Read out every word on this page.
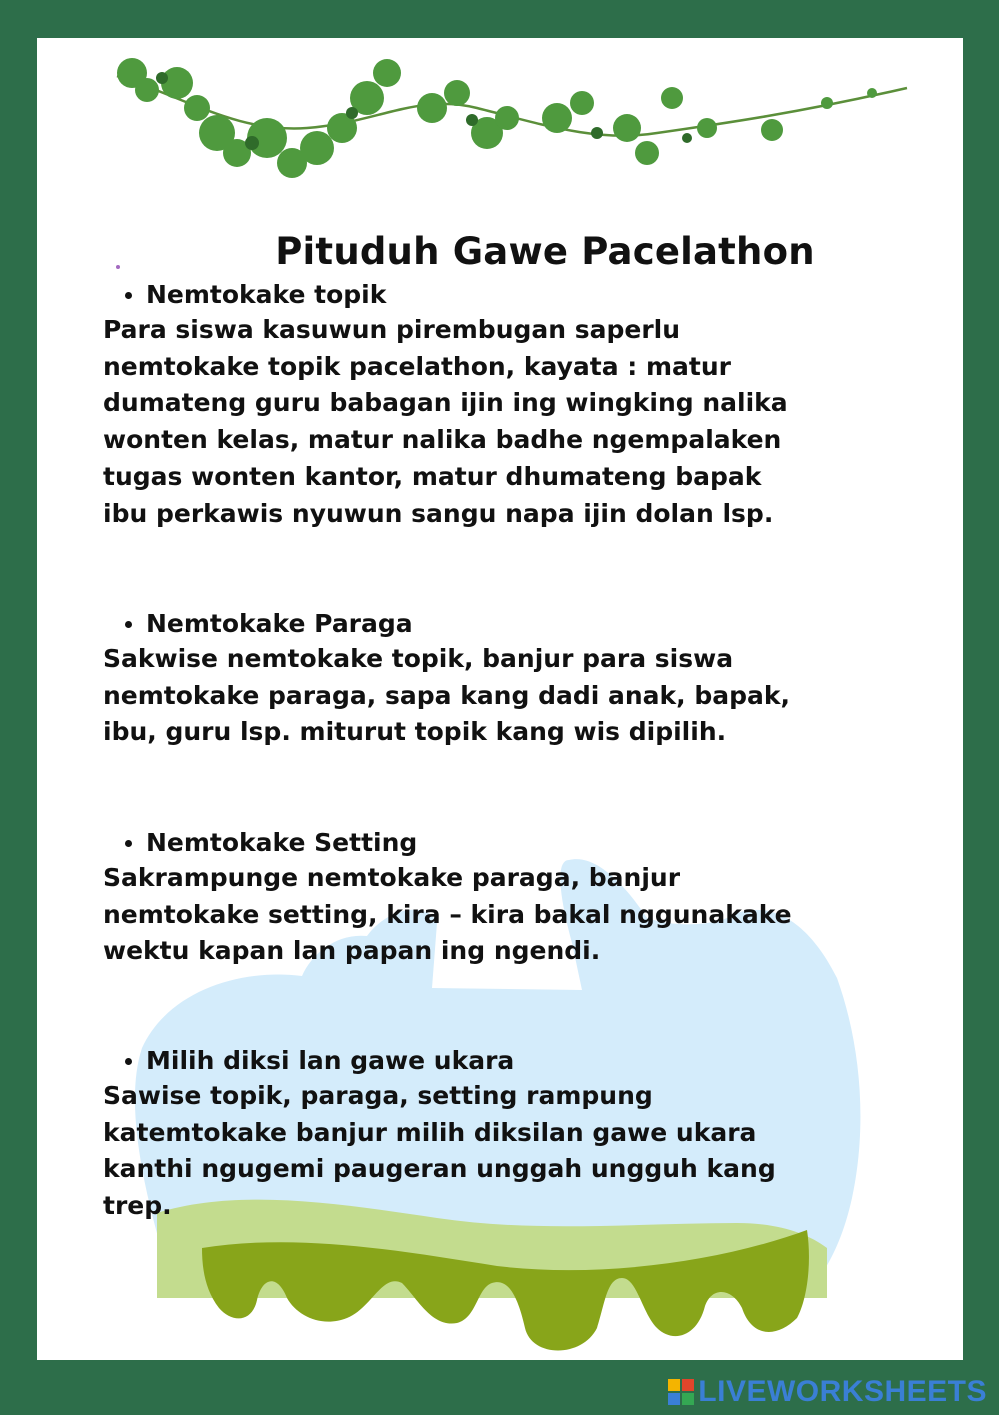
Pituduh Gawe Pacelathon
Nemtokake topik

Para siswa kasuwun pirembugan saperlu nemtokake topik pacelathon, kayata : matur dumateng guru babagan ijin ing wingking nalika wonten kelas, matur nalika badhe ngempalaken tugas wonten kantor, matur dhumateng bapak ibu perkawis nyuwun sangu napa ijin dolan lsp.

Nemtokake Paraga

Sakwise nemtokake topik, banjur para siswa nemtokake paraga, sapa kang dadi anak, bapak, ibu, guru lsp. miturut topik kang wis dipilih.

Nemtokake Setting

Sakrampunge nemtokake paraga, banjur nemtokake setting, kira – kira bakal nggunakake wektu kapan lan papan ing ngendi.

Milih diksi lan gawe ukara

Sawise topik, paraga, setting rampung katemtokake banjur milih diksilan gawe ukara kanthi ngugemi paugeran unggah ungguh kang trep.

LIVEWORKSHEETS
